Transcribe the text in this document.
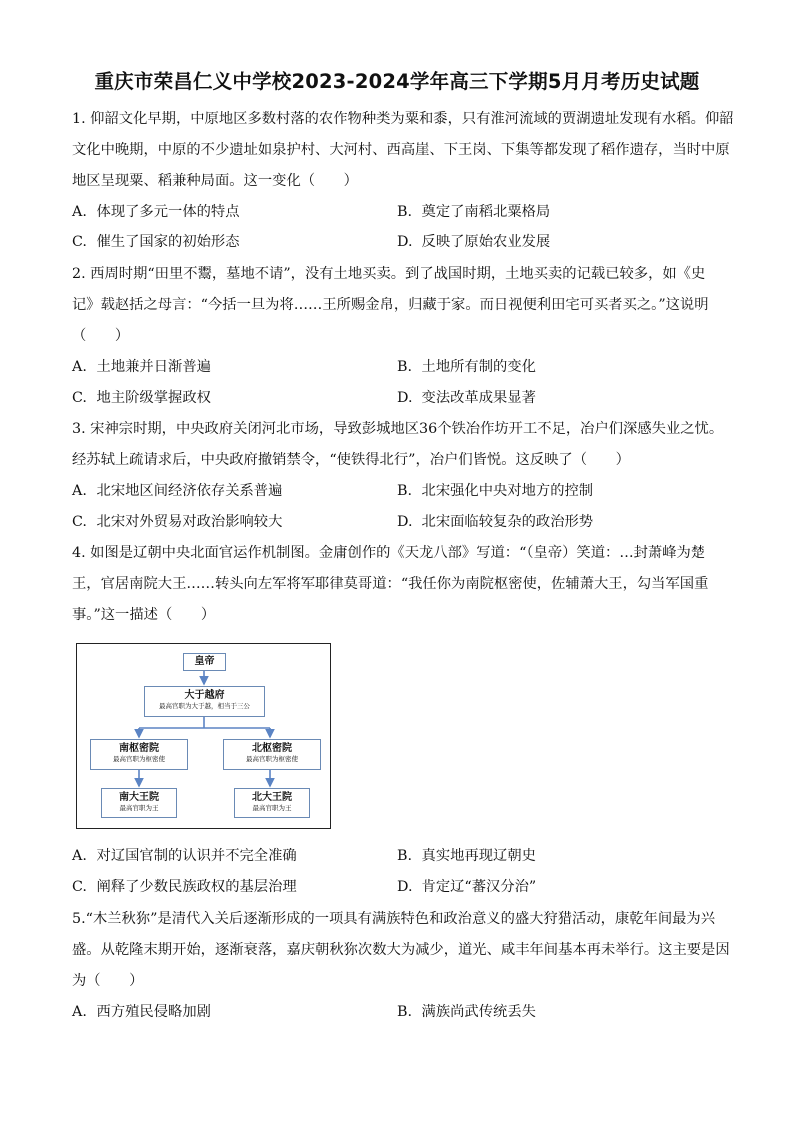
重庆市荣昌仁义中学校2023-2024学年高三下学期5月月考历史试题
1. 仰韶文化早期，中原地区多数村落的农作物种类为粟和黍，只有淮河流域的贾湖遗址发现有水稻。仰韶
文化中晚期，中原的不少遗址如泉护村、大河村、西高崖、下王岗、下集等都发现了稻作遗存，当时中原
地区呈现粟、稻兼种局面。这一变化（　　）
A. 体现了多元一体的特点	B. 奠定了南稻北粟格局
C. 催生了国家的初始形态	D. 反映了原始农业发展
2. 西周时期“田里不鬻，墓地不请”，没有土地买卖。到了战国时期，土地买卖的记载已较多，如《史
记》载赵括之母言：“今括一旦为将……王所赐金帛，归藏于家。而日视便利田宅可买者买之。”这说明
（　　）
A. 土地兼并日渐普遍	B. 土地所有制的变化
C. 地主阶级掌握政权	D. 变法改革成果显著
3. 宋神宗时期，中央政府关闭河北市场，导致彭城地区36个铁冶作坊开工不足，冶户们深感失业之忧。
经苏轼上疏请求后，中央政府撤销禁令，“使铁得北行”，冶户们皆悦。这反映了（　　）
A. 北宋地区间经济依存关系普遍	B. 北宋强化中央对地方的控制
C. 北宋对外贸易对政治影响较大	D. 北宋面临较复杂的政治形势
4. 如图是辽朝中央北面官运作机制图。金庸创作的《天龙八部》写道：“（皇帝）笑道：…封萧峰为楚
王，官居南院大王……转头向左军将军耶律莫哥道：“我任你为南院枢密使，佐辅萧大王，勾当军国重
事。”这一描述（　　）
皇帝
大于越府
最高官职为大于越，相当于三公
南枢密院
最高官职为枢密使
北枢密院
最高官职为枢密使
南大王院
最高官职为王
北大王院
最高官职为王
A. 对辽国官制的认识并不完全准确	B. 真实地再现辽朝史
C. 阐释了少数民族政权的基层治理	D. 肯定辽“蕃汉分治”
5.“木兰秋狝”是清代入关后逐渐形成的一项具有满族特色和政治意义的盛大狩猎活动，康乾年间最为兴
盛。从乾隆末期开始，逐渐衰落，嘉庆朝秋狝次数大为减少，道光、咸丰年间基本再未举行。这主要是因
为（　　）
A. 西方殖民侵略加剧	B. 满族尚武传统丢失
